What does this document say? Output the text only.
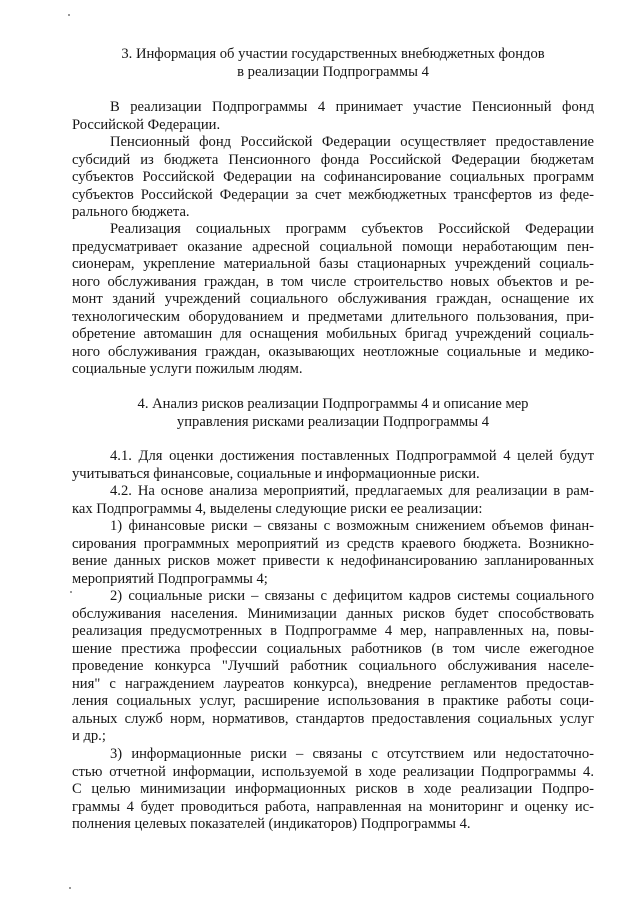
3. Информация об участии государственных внебюджетных фондов
в реализации Подпрограммы 4
В реализации Подпрограммы 4 принимает участие Пенсионный фонд
Российской Федерации.
Пенсионный фонд Российской Федерации осуществляет предоставление
субсидий из бюджета Пенсионного фонда Российской Федерации бюджетам
субъектов Российской Федерации на софинансирование социальных программ
субъектов Российской Федерации за счет межбюджетных трансфертов из феде-
рального бюджета.
Реализация социальных программ субъектов Российской Федерации
предусматривает оказание адресной социальной помощи неработающим пен-
сионерам, укрепление материальной базы стационарных учреждений социаль-
ного обслуживания граждан, в том числе строительство новых объектов и ре-
монт зданий учреждений социального обслуживания граждан, оснащение их
технологическим оборудованием и предметами длительного пользования, при-
обретение автомашин для оснащения мобильных бригад учреждений социаль-
ного обслуживания граждан, оказывающих неотложные социальные и медико-
социальные услуги пожилым людям.
4. Анализ рисков реализации Подпрограммы 4 и описание мер
управления рисками реализации Подпрограммы 4
4.1. Для оценки достижения поставленных Подпрограммой 4 целей будут
учитываться финансовые, социальные и информационные риски.
4.2. На основе анализа мероприятий, предлагаемых для реализации в рам-
ках Подпрограммы 4, выделены следующие риски ее реализации:
1) финансовые риски – связаны с возможным снижением объемов финан-
сирования программных мероприятий из средств краевого бюджета. Возникно-
вение данных рисков может привести к недофинансированию запланированных
мероприятий Подпрограммы 4;
2) социальные риски – связаны с дефицитом кадров системы социального
обслуживания населения. Минимизации данных рисков будет способствовать
реализация предусмотренных в Подпрограмме 4 мер, направленных на, повы-
шение престижа профессии социальных работников (в том числе ежегодное
проведение конкурса "Лучший работник социального обслуживания населе-
ния" с награждением лауреатов конкурса), внедрение регламентов предостав-
ления социальных услуг, расширение использования в практике работы соци-
альных служб норм, нормативов, стандартов предоставления социальных услуг
и др.;
3) информационные риски – связаны с отсутствием или недостаточно-
стью отчетной информации, используемой в ходе реализации Подпрограммы 4.
С целью минимизации информационных рисков в ходе реализации Подпро-
граммы 4 будет проводиться работа, направленная на мониторинг и оценку ис-
полнения целевых показателей (индикаторов) Подпрограммы 4.
